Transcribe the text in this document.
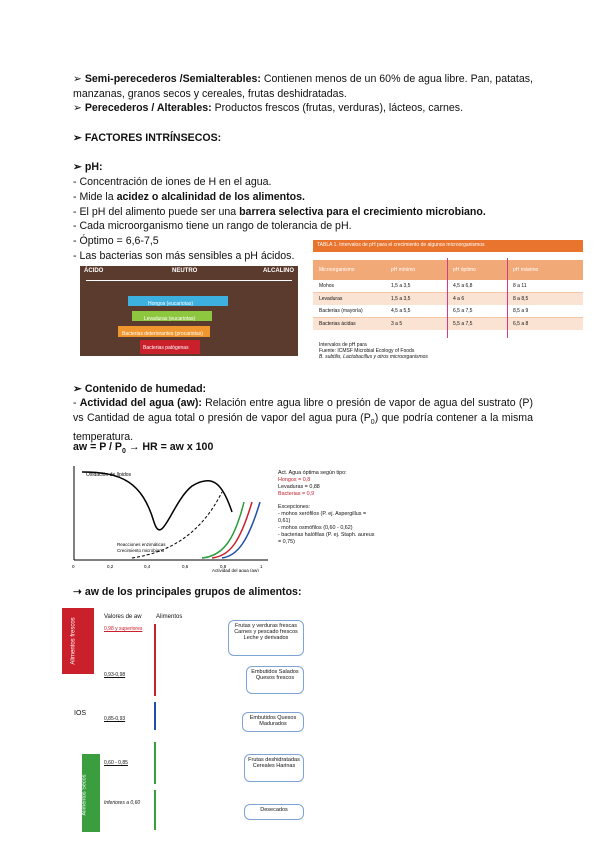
➢ Semi-perecederos /Semialterables: Contienen menos de un 60% de agua libre. Pan, patatas, manzanas, granos secos y cereales, frutas deshidratadas.

➢ Perecederos / Alterables: Productos frescos (frutas, verduras), lácteos, carnes.

➢ FACTORES INTRÍNSECOS:

➢ pH:

- Concentración de iones de H en el agua.

- Mide la acidez o alcalinidad de los alimentos.

- El pH del alimento puede ser una barrera selectiva para el crecimiento microbiano.

- Cada microorganismo tiene un rango de tolerancia de pH.

- Óptimo = 6,6-7,5

- Las bacterias son más sensibles a pH ácidos.

ÁCIDO	NEUTRO	ALCALINO
Hongos (eucariotas)
Levaduras (eucariotas)
Bacterias deteriorantes (procariotas)
Bacterias patógenas (procariotas)
TABLA 1. Intervalos de pH para el crecimiento de algunos microorganismos
Microorganismo	pH mínimo	pH óptimo	pH máximo
Mohos	1,5 a 3,5	4,5 a 6,8	8 a 11
Levaduras	1,5 a 3,5	4 a 6	8 a 8,5
Bacterias (mayoría)	4,5 a 5,5	6,5 a 7,5	8,5 a 9
Bacterias ácidas	3 a 5	5,5 a 7,5	6,5 a 8
Intervalos de pH para
Fuente: ICMSF Microbial Ecology of Foods
B. subtilis, Lactobacillus y otros microorganismos

➢ Contenido de humedad:

- Actividad del agua (aw): Relación entre agua libre o presión de vapor de agua del sustrato (P) vs Cantidad de agua total o presión de vapor del agua pura $(P_0)$ que podría contener a la misma temperatura.

aw = P / $P_0$ → HR = aw x 100

Oxidación de lípidos
Reacciones enzimáticas
Crecimiento microbiano
0	0,2	0,4	0,6	0,8	1
Actividad del agua (aw)
Act. Agua óptima según tipo:
Hongos = 0,8
Levaduras = 0,88
Bacterias = 0,9
Excepciones:
- mohos xerófilos (P. ej. Aspergillus = 0,61)
- mohos osmófilos (0,60 - 0,62)
- bacterias halófilas (P. ej. Staph. aureus = 0,75)

➝ aw de los principales grupos de alimentos:

Valores de aw Alimentos
Alimentos frescos
IOS
Alimentos Secos
0,98 y superiores
0,93-0,98
0,85-0,93
0,60 - 0,85
Inferiores a 0,60
Frutas y verduras frescas Carnes y pescado frescos Leche y derivados
Embutidos Salados Quesos frescos
Embutidos Quesos Madurados
Frutas deshidratadas Cereales Harinas
Desecados
